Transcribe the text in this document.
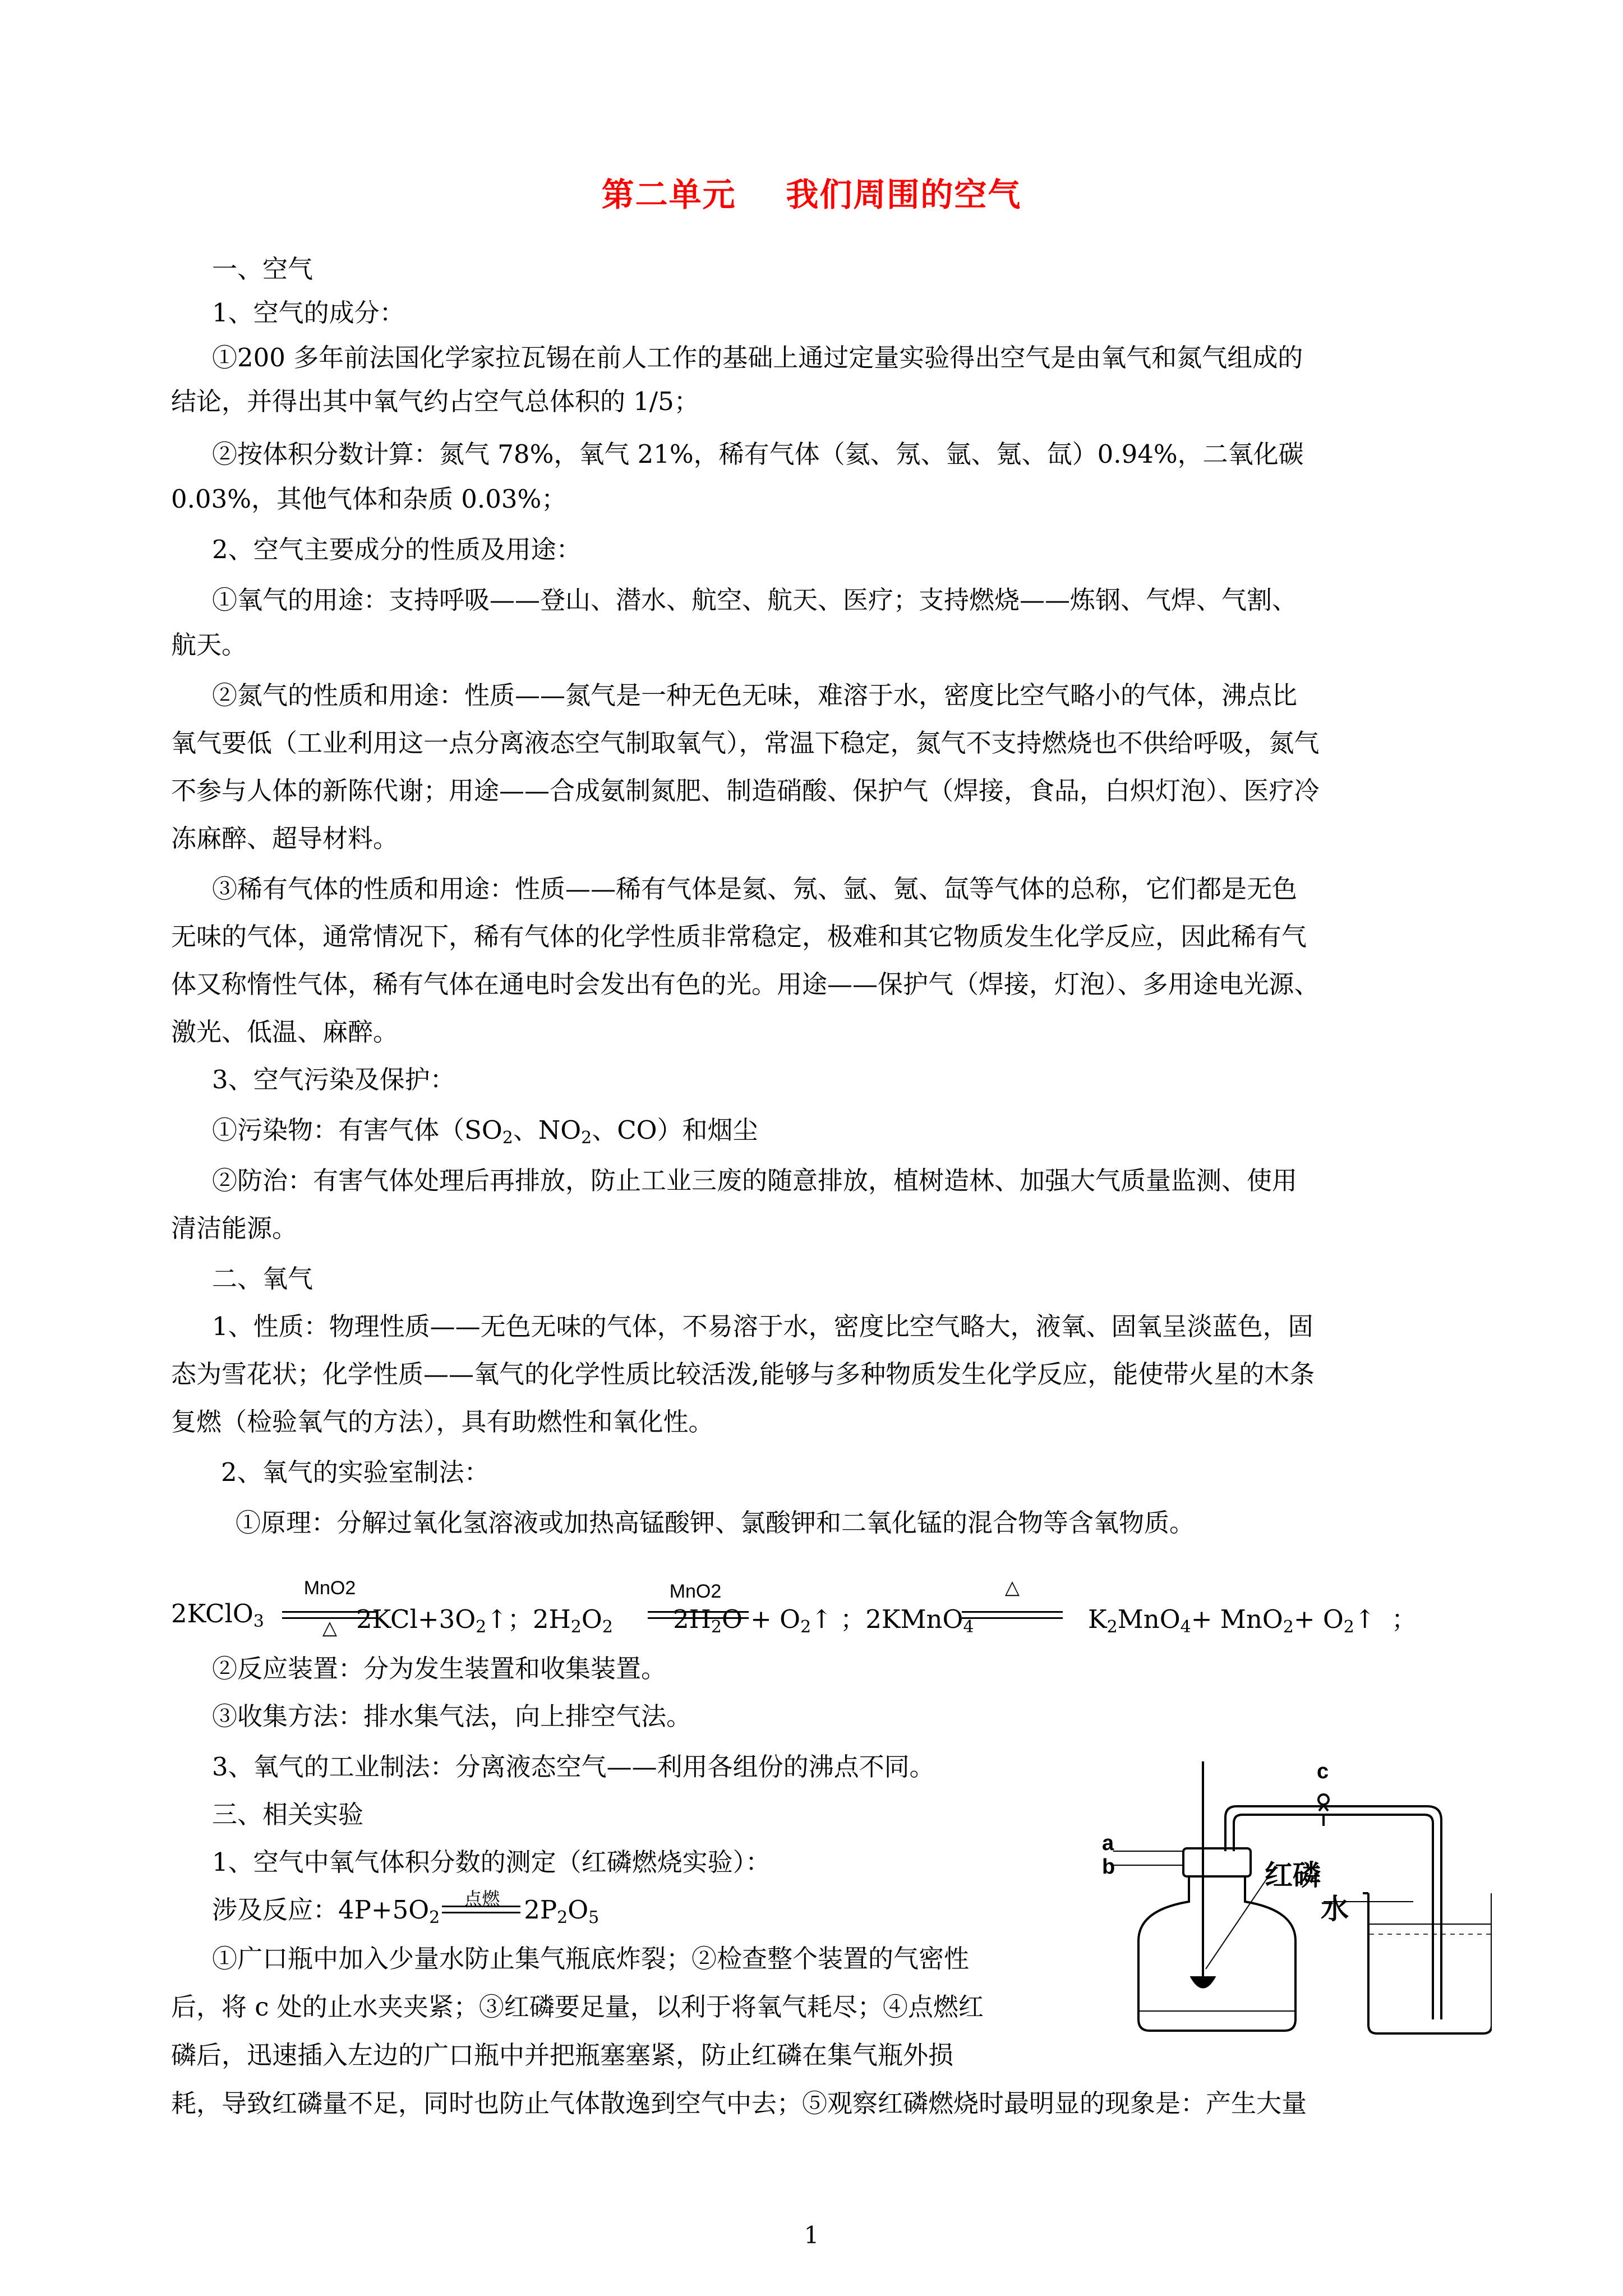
第二单元    我们周围的空气
一、空气
1、空气的成分：
①200 多年前法国化学家拉瓦锡在前人工作的基础上通过定量实验得出空气是由氧气和氮气组成的
结论，并得出其中氧气约占空气总体积的 1/5；
②按体积分数计算：氮气 78%，氧气 21%，稀有气体（氦、氖、氩、氪、氙）0.94%，二氧化碳
0.03%，其他气体和杂质 0.03%；
2、空气主要成分的性质及用途：
①氧气的用途：支持呼吸——登山、潜水、航空、航天、医疗；支持燃烧——炼钢、气焊、气割、
航天。
②氮气的性质和用途：性质——氮气是一种无色无味，难溶于水，密度比空气略小的气体，沸点比
氧气要低（工业利用这一点分离液态空气制取氧气），常温下稳定，氮气不支持燃烧也不供给呼吸，氮气
不参与人体的新陈代谢；用途——合成氨制氮肥、制造硝酸、保护气（焊接，食品，白炽灯泡）、医疗冷
冻麻醉、超导材料。
③稀有气体的性质和用途：性质——稀有气体是氦、氖、氩、氪、氙等气体的总称，它们都是无色
无味的气体，通常情况下，稀有气体的化学性质非常稳定，极难和其它物质发生化学反应，因此稀有气
体又称惰性气体，稀有气体在通电时会发出有色的光。用途——保护气（焊接，灯泡）、多用途电光源、
激光、低温、麻醉。
3、空气污染及保护：
①污染物：有害气体（$SO_2$、$NO_2$、CO）和烟尘
②防治：有害气体处理后再排放，防止工业三废的随意排放，植树造林、加强大气质量监测、使用
清洁能源。
二、氧气
1、性质：物理性质——无色无味的气体，不易溶于水，密度比空气略大，液氧、固氧呈淡蓝色，固
态为雪花状；化学性质——氧气的化学性质比较活泼,能够与多种物质发生化学反应，能使带火星的木条
复燃（检验氧气的方法），具有助燃性和氧化性。
2、氧气的实验室制法：
①原理：分解过氧化氢溶液或加热高锰酸钾、氯酸钾和二氧化锰的混合物等含氧物质。
2KClO$_3$
MnO2
△ $2KCl+3O_2↑$；$2H_2O_2$
MnO2
$2H_2O$ + $O_2↑$ ；2KMnO$_4$
△
$K_2MnO_4+ MnO_2+$ $O_2↑$ ；
②反应装置：分为发生装置和收集装置。
③收集方法：排水集气法，向上排空气法。
3、氧气的工业制法：分离液态空气——利用各组份的沸点不同。
三、相关实验
1、空气中氧气体积分数的测定（红磷燃烧实验）：
涉及反应：$4P+5O_2$
点燃 $2P_2O_5$
①广口瓶中加入少量水防止集气瓶底炸裂；②检查整个装置的气密性
后，将 c 处的止水夹夹紧；③红磷要足量，以利于将氧气耗尽；④点燃红
磷后，迅速插入左边的广口瓶中并把瓶塞塞紧，防止红磷在集气瓶外损
耗，导致红磷量不足，同时也防止气体散逸到空气中去；⑤观察红磷燃烧时最明显的现象是：产生大量
a
b
c
红磷
水
1
